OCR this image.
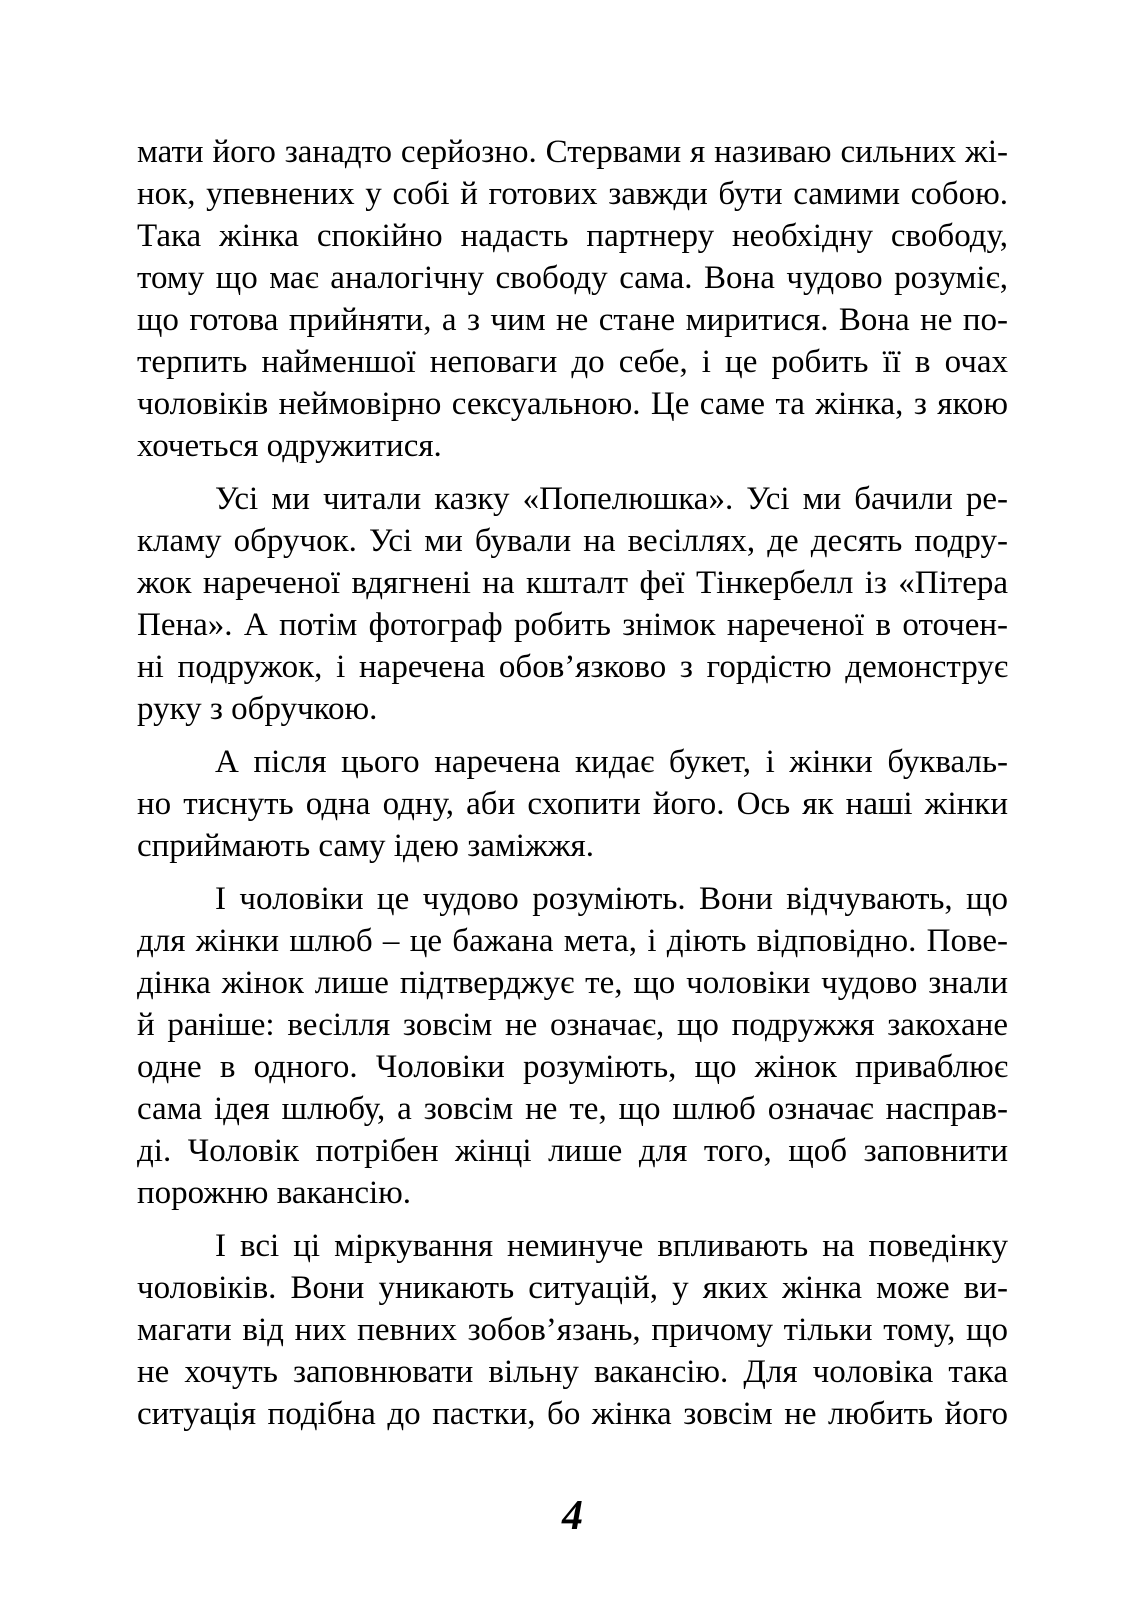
мати його занадто серйозно. Стервами я називаю сильних жі-
нок, упевнених у собі й готових завжди бути самими собою.
Така жінка спокійно надасть партнеру необхідну свободу,
тому що має аналогічну свободу сама. Вона чудово розуміє,
що готова прийняти, а з чим не стане миритися. Вона не по-
терпить найменшої неповаги до себе, і це робить її в очах
чоловіків неймовірно сексуальною. Це саме та жінка, з якою
хочеться одружитися.
Усі ми читали казку «Попелюшка». Усі ми бачили ре-
кламу обручок. Усі ми бували на весіллях, де десять подру-
жок нареченої вдягнені на кшталт феї Тінкербелл із «Пітера
Пена». А потім фотограф робить знімок нареченої в оточен-
ні подружок, і наречена обов’язково з гордістю демонструє
руку з обручкою.
А після цього наречена кидає букет, і жінки букваль-
но тиснуть одна одну, аби схопити його. Ось як наші жінки
сприймають саму ідею заміжжя.
І чоловіки це чудово розуміють. Вони відчувають, що
для жінки шлюб – це бажана мета, і діють відповідно. Пове-
дінка жінок лише підтверджує те, що чоловіки чудово знали
й раніше: весілля зовсім не означає, що подружжя закохане
одне в одного. Чоловіки розуміють, що жінок приваблює
сама ідея шлюбу, а зовсім не те, що шлюб означає насправ-
ді. Чоловік потрібен жінці лише для того, щоб заповнити
порожню вакансію.
І всі ці міркування неминуче впливають на поведінку
чоловіків. Вони уникають ситуацій, у яких жінка може ви-
магати від них певних зобов’язань, причому тільки тому, що
не хочуть заповнювати вільну вакансію. Для чоловіка така
ситуація подібна до пастки, бо жінка зовсім не любить його
4
